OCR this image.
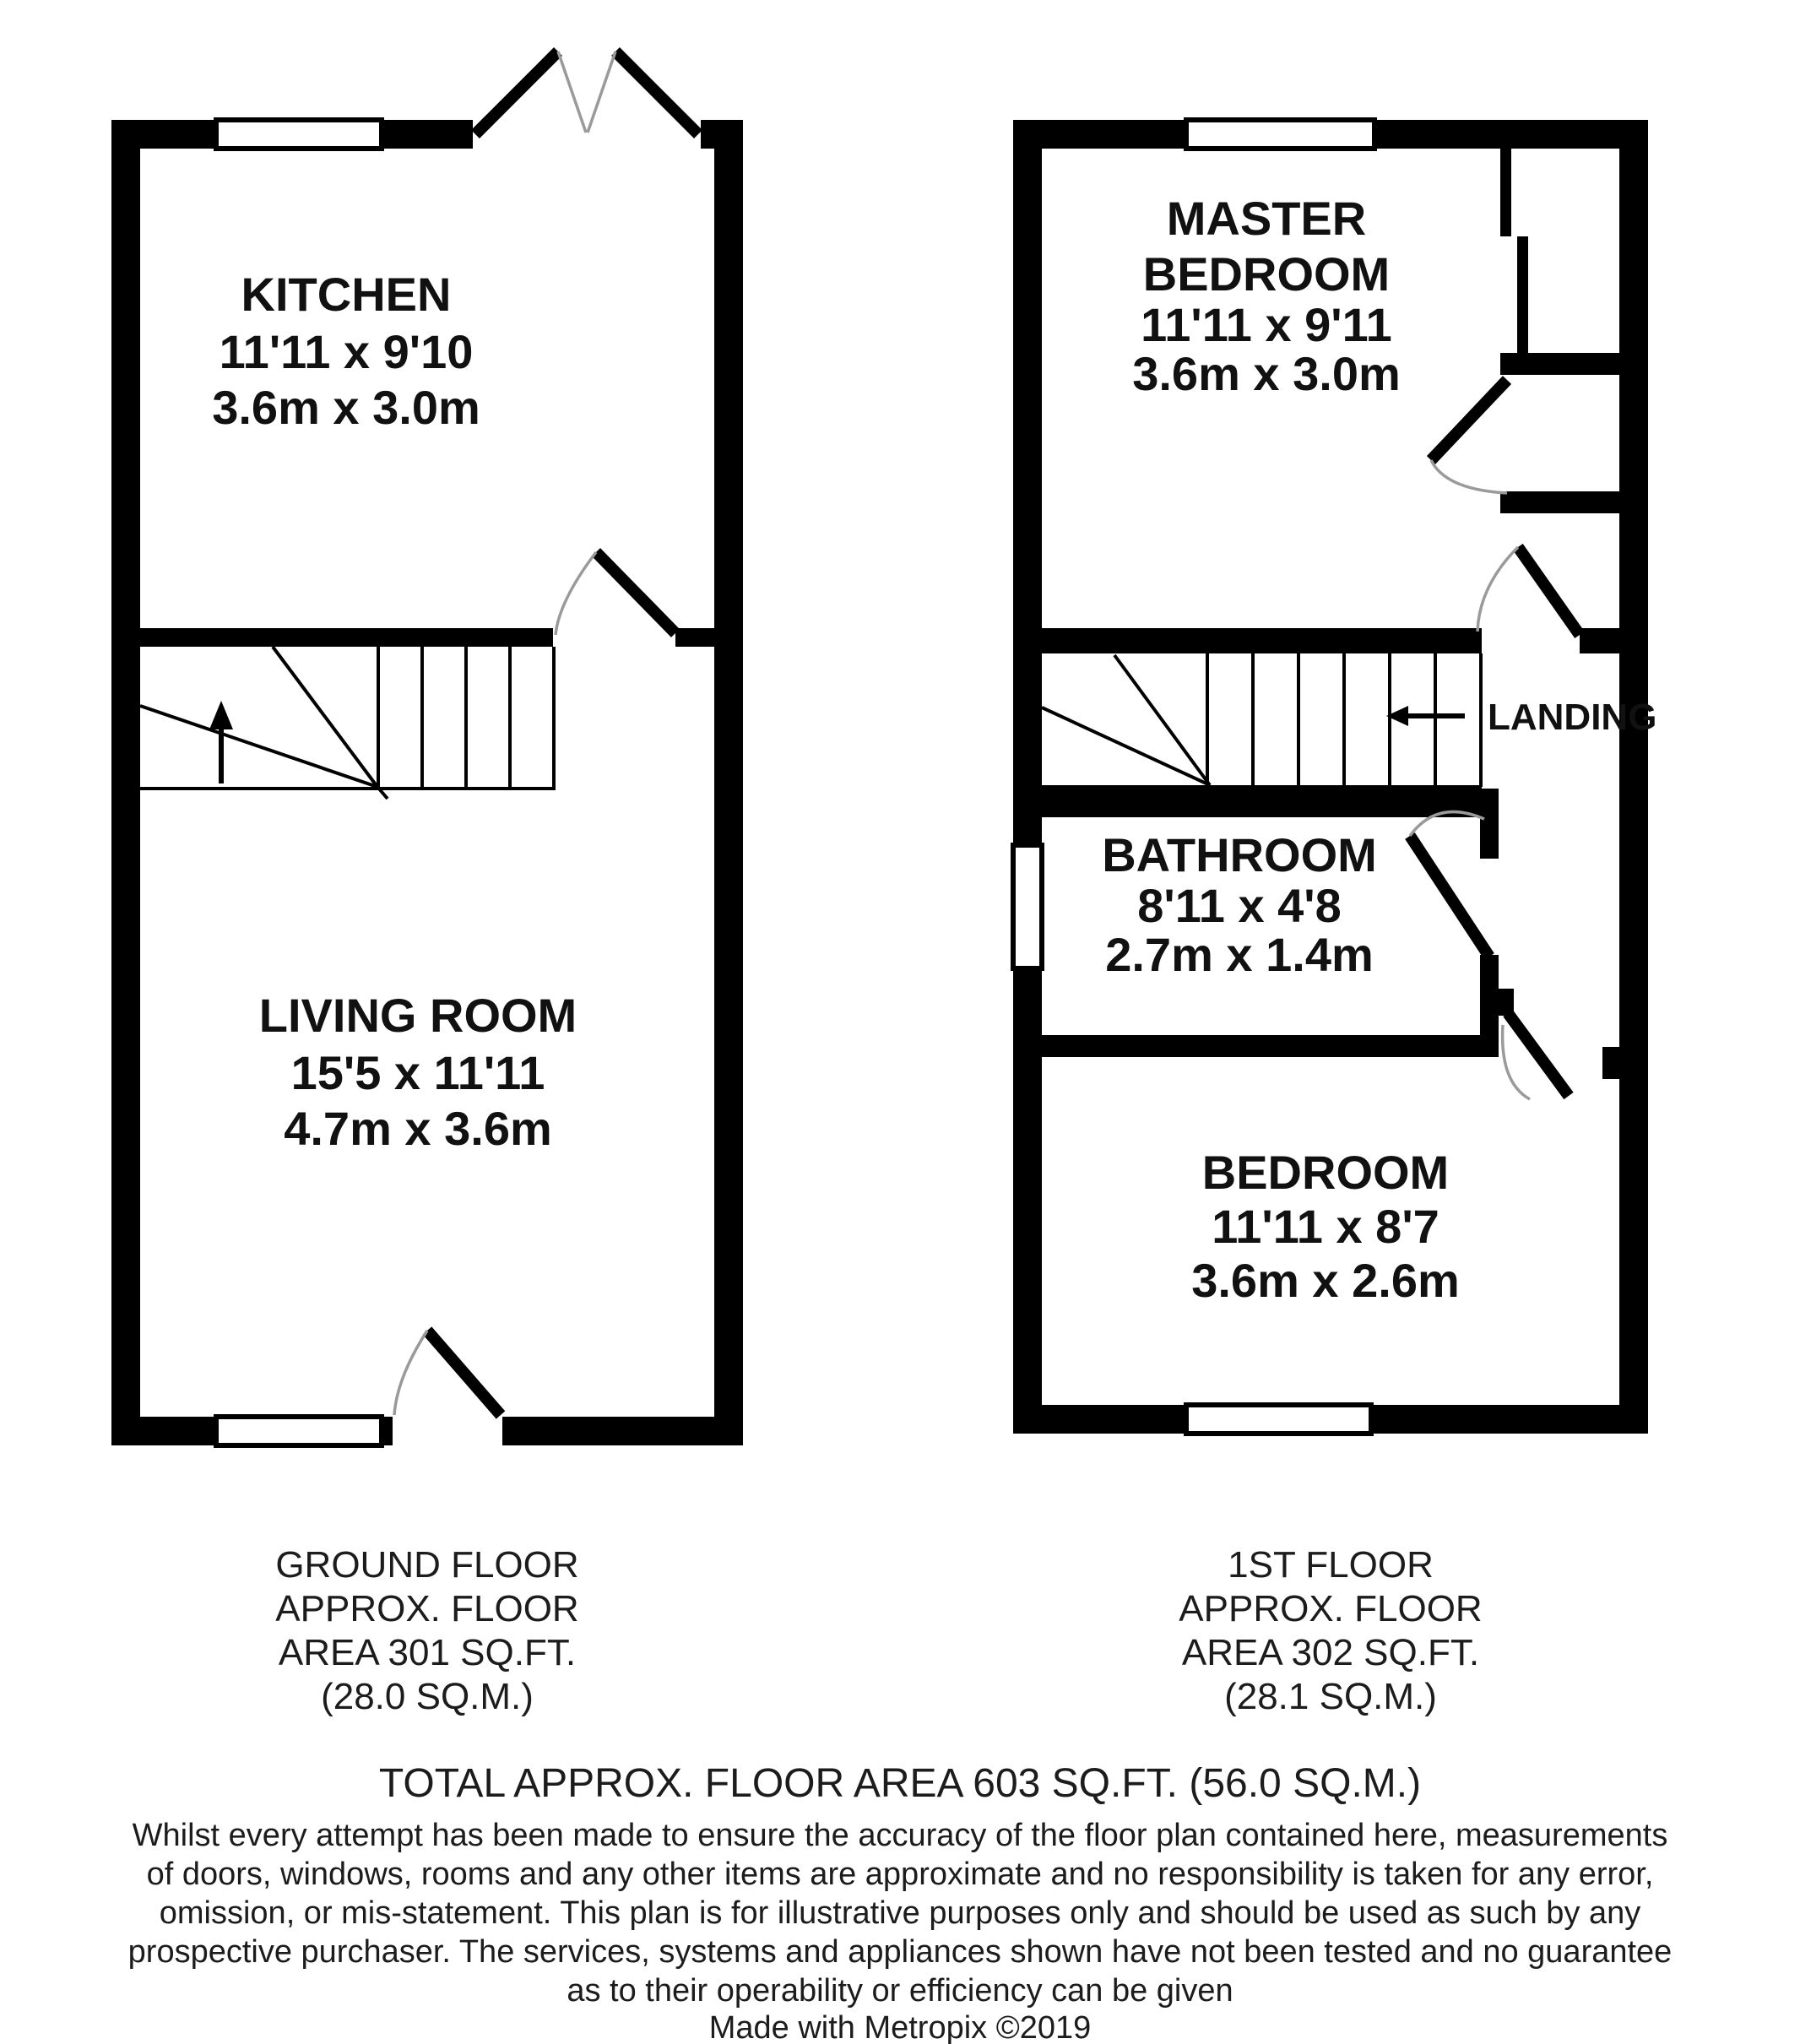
KITCHEN
11'11 x 9'10
3.6m x 3.0m
LIVING ROOM
15'5 x 11'11
4.7m x 3.6m
LANDING
MASTER
BEDROOM
11'11 x 9'11
3.6m x 3.0m
BATHROOM
8'11 x 4'8
2.7m x 1.4m
BEDROOM
11'11 x 8'7
3.6m x 2.6m
GROUND FLOOR
APPROX. FLOOR
AREA 301 SQ.FT.
(28.0 SQ.M.)
1ST FLOOR
APPROX. FLOOR
AREA 302 SQ.FT.
(28.1 SQ.M.)
TOTAL APPROX. FLOOR AREA 603 SQ.FT. (56.0 SQ.M.)
Whilst every attempt has been made to ensure the accuracy of the floor plan contained here, measurements
of doors, windows, rooms and any other items are approximate and no responsibility is taken for any error,
omission, or mis-statement. This plan is for illustrative purposes only and should be used as such by any
prospective purchaser. The services, systems and appliances shown have not been tested and no guarantee
as to their operability or efficiency can be given
Made with Metropix ©2019
